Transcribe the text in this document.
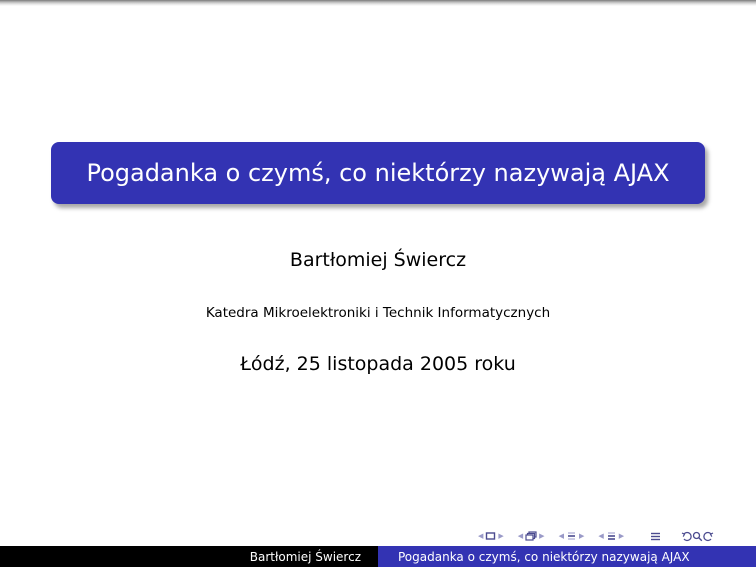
Pogadanka o czymś, co niektórzy nazywają AJAX
Bartłomiej Świercz
Katedra Mikroelektroniki i Technik Informatycznych
Łódź, 25 listopada 2005 roku
◀ ▶ ◀ ▶ ◀ ▶ ◀ ▶
Bartłomiej Świercz	Pogadanka o czymś, co niektórzy nazywają AJAX
